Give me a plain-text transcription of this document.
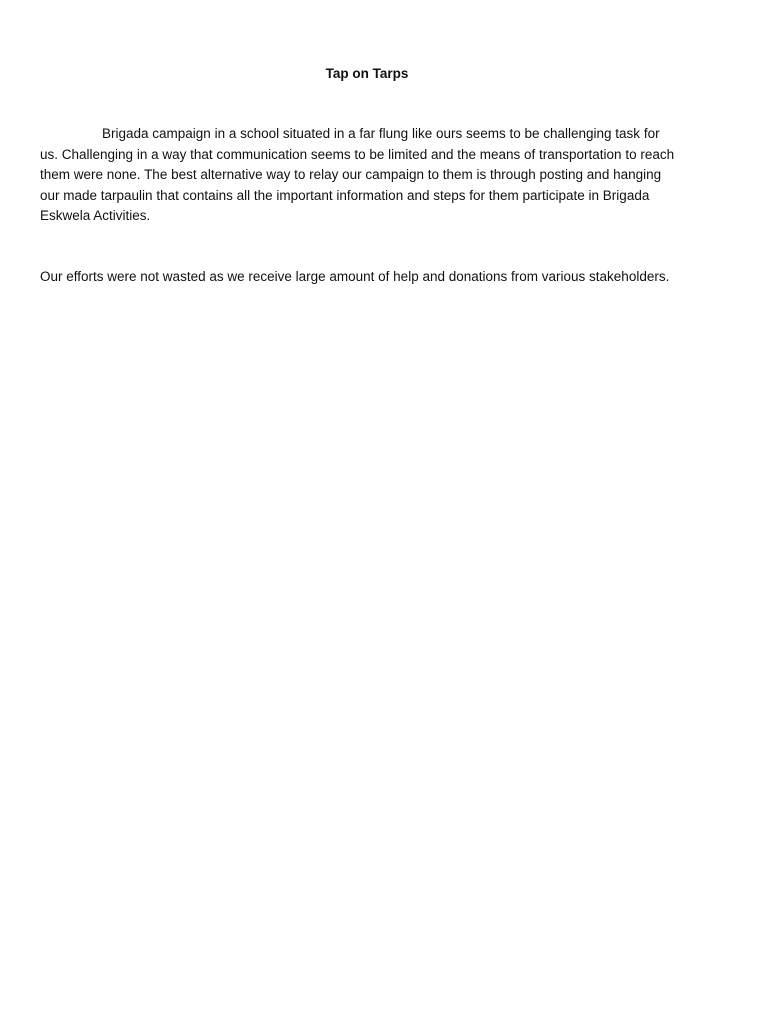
Tap on Tarps

Brigada campaign in a school situated in a far flung like ours seems to be challenging task for us. Challenging in a way that communication seems to be limited and the means of transportation to reach them were none. The best alternative way to relay our campaign to them is through posting and hanging our made tarpaulin that contains all the important information and steps for them participate in Brigada Eskwela Activities.

Our efforts were not wasted as we receive large amount of help and donations from various stakeholders.
